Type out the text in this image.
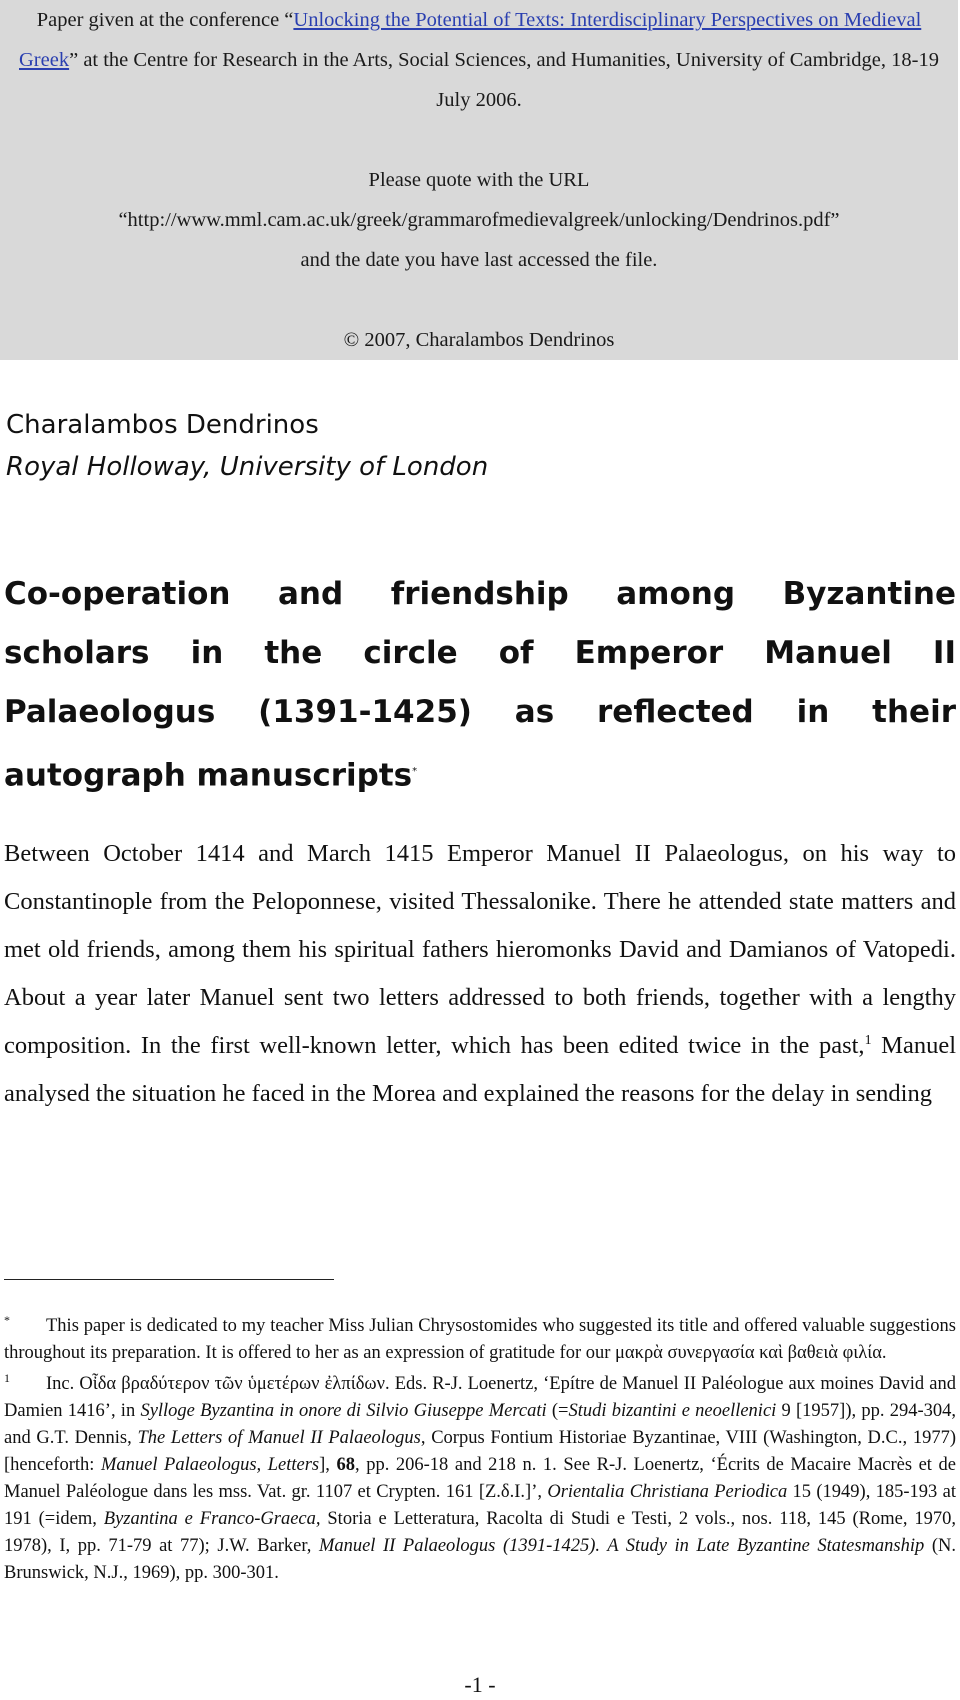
Paper given at the conference “Unlocking the Potential of Texts: Interdisciplinary Perspectives on Medieval Greek” at the Centre for Research in the Arts, Social Sciences, and Humanities, University of Cambridge, 18-19 July 2006.

Please quote with the URL

“http://www.mml.cam.ac.uk/greek/grammarofmedievalgreek/unlocking/Dendrinos.pdf”

and the date you have last accessed the file.

© 2007, Charalambos Dendrinos

Charalambos Dendrinos
Royal Holloway, University of London
Co-operation and friendship among Byzantine scholars in the circle of Emperor Manuel II Palaeologus (1391-1425) as reflected in their autograph manuscripts*
Between October 1414 and March 1415 Emperor Manuel II Palaeologus, on his way to Constantinople from the Peloponnese, visited Thessalonike. There he attended state matters and met old friends, among them his spiritual fathers hieromonks David and Damianos of Vatopedi. About a year later Manuel sent two letters addressed to both friends, together with a lengthy composition. In the first well-known letter, which has been edited twice in the past,$^1$ Manuel analysed the situation he faced in the Morea and explained the reasons for the delay in sending

* This paper is dedicated to my teacher Miss Julian Chrysostomides who suggested its title and offered valuable suggestions throughout its preparation. It is offered to her as an expression of gratitude for our μακρὰ συνεργασία καὶ βαθειὰ φιλία.

1 Inc. Οἶδα βραδύτερον τῶν ὑμετέρων ἐλπίδων. Eds. R-J. Loenertz, ‘Epítre de Manuel II Paléologue aux moines David and Damien 1416’, in Sylloge Byzantina in onore di Silvio Giuseppe Mercati (=Studi bizantini e neoellenici 9 [1957]), pp. 294-304, and G.T. Dennis, The Letters of Manuel II Palaeologus, Corpus Fontium Historiae Byzantinae, VIII (Washington, D.C., 1977) [henceforth: Manuel Palaeologus, Letters], 68, pp. 206-18 and 218 n. 1. See R-J. Loenertz, ‘Écrits de Macaire Macrès et de Manuel Paléologue dans les mss. Vat. gr. 1107 et Crypten. 161 [Z.δ.I.]’, Orientalia Christiana Periodica 15 (1949), 185-193 at 191 (=idem, Byzantina e Franco-Graeca, Storia e Letteratura, Racolta di Studi e Testi, 2 vols., nos. 118, 145 (Rome, 1970, 1978), I, pp. 71-79 at 77); J.W. Barker, Manuel II Palaeologus (1391-1425). A Study in Late Byzantine Statesmanship (N. Brunswick, N.J., 1969), pp. 300-301.

-1 -
